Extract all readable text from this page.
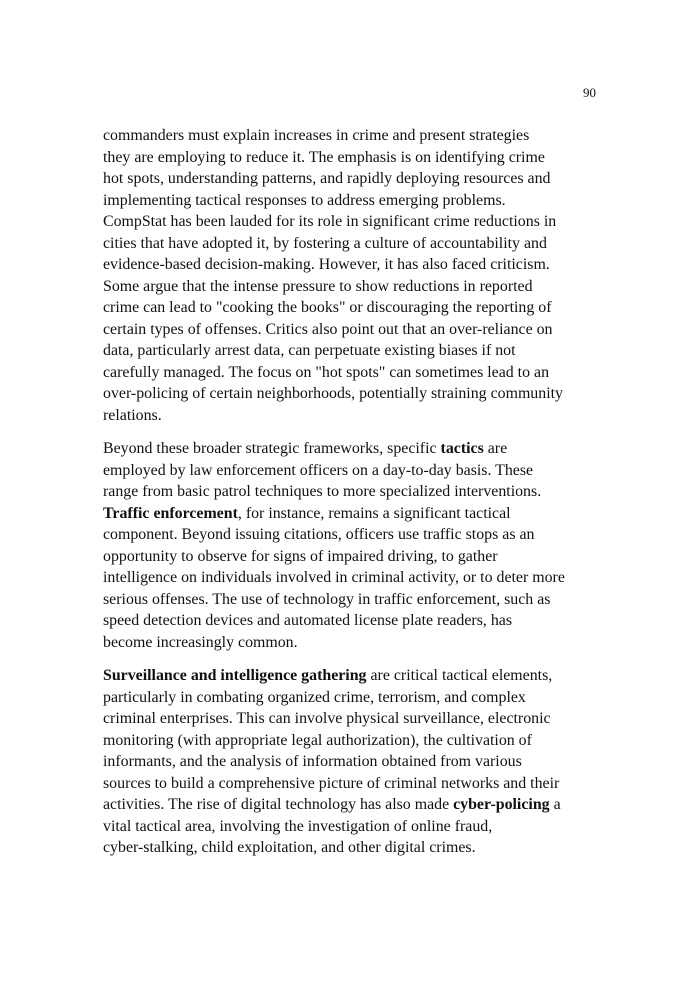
90
commanders must explain increases in crime and present strategies
they are employing to reduce it. The emphasis is on identifying crime
hot spots, understanding patterns, and rapidly deploying resources and
implementing tactical responses to address emerging problems.
CompStat has been lauded for its role in significant crime reductions in
cities that have adopted it, by fostering a culture of accountability and
evidence-based decision-making. However, it has also faced criticism.
Some argue that the intense pressure to show reductions in reported
crime can lead to "cooking the books" or discouraging the reporting of
certain types of offenses. Critics also point out that an over-reliance on
data, particularly arrest data, can perpetuate existing biases if not
carefully managed. The focus on "hot spots" can sometimes lead to an
over-policing of certain neighborhoods, potentially straining community
relations.
Beyond these broader strategic frameworks, specific tactics are
employed by law enforcement officers on a day-to-day basis. These
range from basic patrol techniques to more specialized interventions.
Traffic enforcement, for instance, remains a significant tactical
component. Beyond issuing citations, officers use traffic stops as an
opportunity to observe for signs of impaired driving, to gather
intelligence on individuals involved in criminal activity, or to deter more
serious offenses. The use of technology in traffic enforcement, such as
speed detection devices and automated license plate readers, has
become increasingly common.
Surveillance and intelligence gathering are critical tactical elements,
particularly in combating organized crime, terrorism, and complex
criminal enterprises. This can involve physical surveillance, electronic
monitoring (with appropriate legal authorization), the cultivation of
informants, and the analysis of information obtained from various
sources to build a comprehensive picture of criminal networks and their
activities. The rise of digital technology has also made cyber-policing a
vital tactical area, involving the investigation of online fraud,
cyber-stalking, child exploitation, and other digital crimes.
